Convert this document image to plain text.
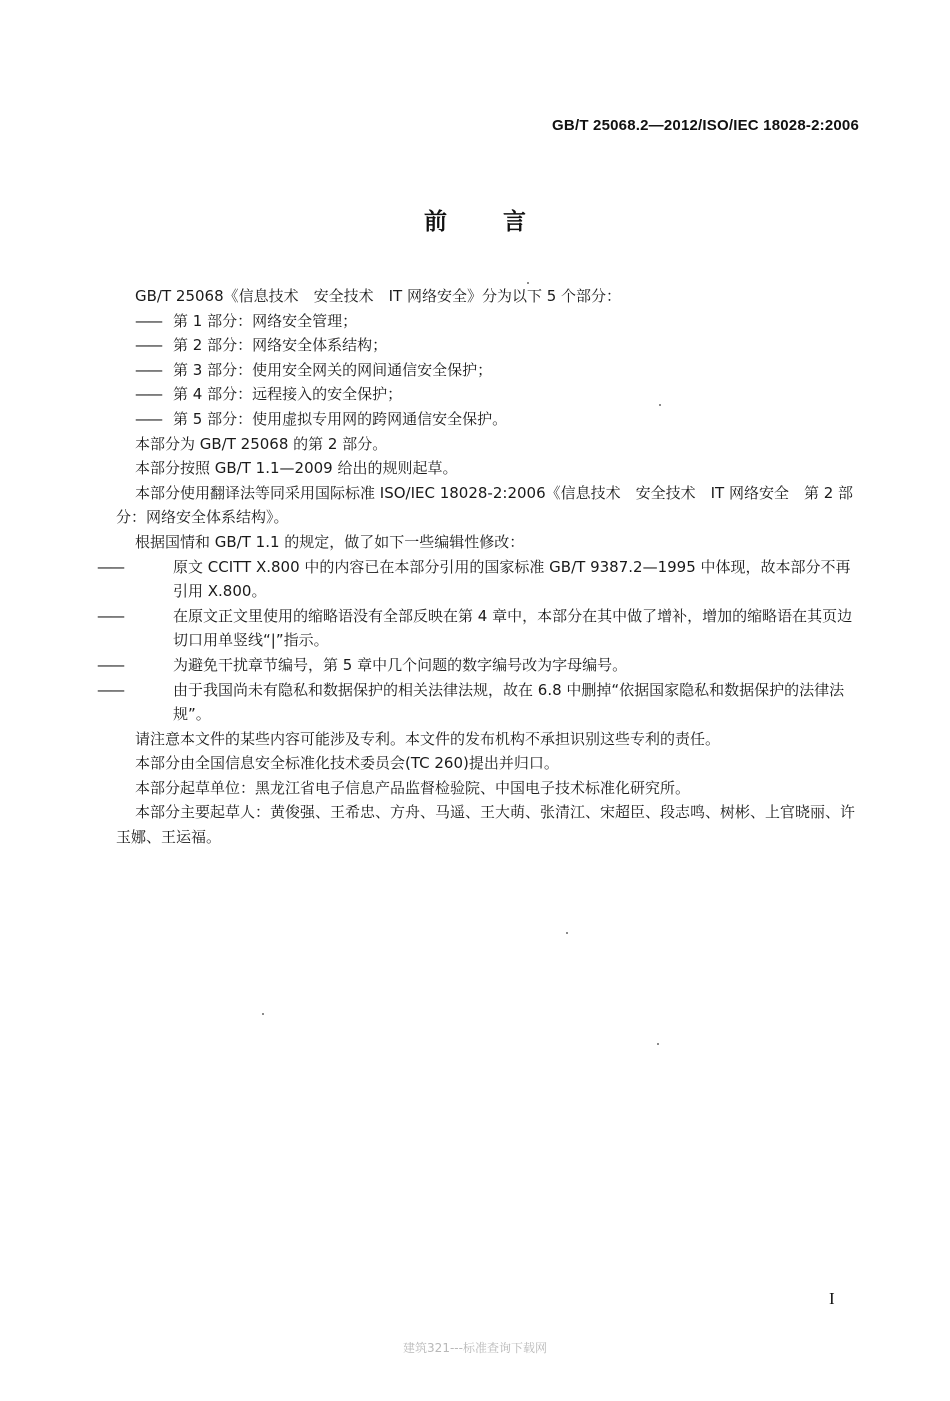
GB/T 25068.2—2012/ISO/IEC 18028-2:2006
前言

GB/T 25068《信息技术　安全技术　IT 网络安全》分为以下 5 个部分：

—— 第 1 部分：网络安全管理；

—— 第 2 部分：网络安全体系结构；

—— 第 3 部分：使用安全网关的网间通信安全保护；

—— 第 4 部分：远程接入的安全保护；

—— 第 5 部分：使用虚拟专用网的跨网通信安全保护。

本部分为 GB/T 25068 的第 2 部分。

本部分按照 GB/T 1.1—2009 给出的规则起草。

本部分使用翻译法等同采用国际标准 ISO/IEC 18028-2:2006《信息技术　安全技术　IT 网络安全　第 2 部分：网络安全体系结构》。

根据国情和 GB/T 1.1 的规定，做了如下一些编辑性修改：

——	原文 CCITT X.800 中的内容已在本部分引用的国家标准 GB/T 9387.2—1995 中体现，故本部分不再引用 X.800。

——	在原文正文里使用的缩略语没有全部反映在第 4 章中，本部分在其中做了增补，增加的缩略语在其页边切口用单竖线“|”指示。

——	为避免干扰章节编号，第 5 章中几个问题的数字编号改为字母编号。

——	由于我国尚未有隐私和数据保护的相关法律法规，故在 6.8 中删掉“依据国家隐私和数据保护的法律法规”。

请注意本文件的某些内容可能涉及专利。本文件的发布机构不承担识别这些专利的责任。

本部分由全国信息安全标准化技术委员会(TC 260)提出并归口。

本部分起草单位：黑龙江省电子信息产品监督检验院、中国电子技术标准化研究所。

本部分主要起草人：黄俊强、王希忠、方舟、马遥、王大萌、张清江、宋超臣、段志鸣、树彬、上官晓丽、许玉娜、王运福。

I
建筑321---标准查询下载网
